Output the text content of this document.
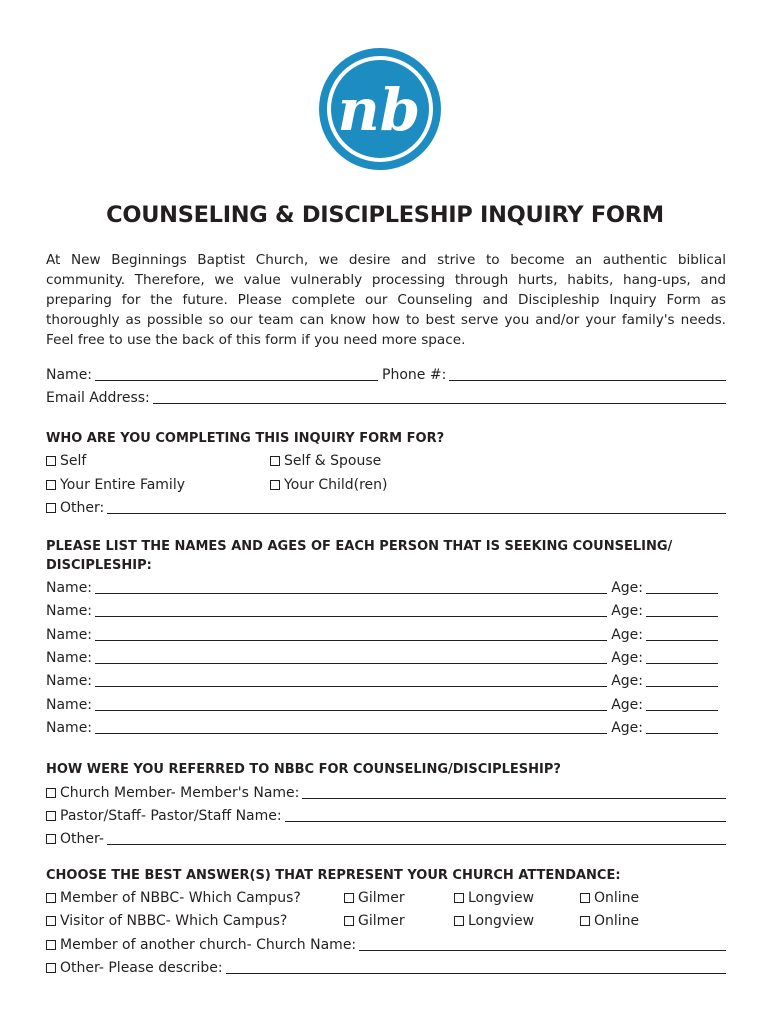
nb
COUNSELING & DISCIPLESHIP INQUIRY FORM
At New Beginnings Baptist Church, we desire and strive to become an authentic biblical community. Therefore, we value vulnerably processing through hurts, habits, hang-ups, and preparing for the future. Please complete our Counseling and Discipleship Inquiry Form as thoroughly as possible so our team can know how to best serve you and/or your family's needs. Feel free to use the back of this form if you need more space.
Name:	Phone #:
Email Address:
WHO ARE YOU COMPLETING THIS INQUIRY FORM FOR?
Self	Self & Spouse
Your Entire Family	Your Child(ren)
Other:
PLEASE LIST THE NAMES AND AGES OF EACH PERSON THAT IS SEEKING COUNSELING/ DISCIPLESHIP:
Name:	Age:
Name:	Age:
Name:	Age:
Name:	Age:
Name:	Age:
Name:	Age:
Name:	Age:
HOW WERE YOU REFERRED TO NBBC FOR COUNSELING/DISCIPLESHIP?
Church Member- Member's Name:
Pastor/Staff- Pastor/Staff Name:
Other-
CHOOSE THE BEST ANSWER(S) THAT REPRESENT YOUR CHURCH ATTENDANCE:
Member of NBBC- Which Campus?	Gilmer	Longview	Online
Visitor of NBBC- Which Campus?	Gilmer	Longview	Online
Member of another church- Church Name:
Other- Please describe:
